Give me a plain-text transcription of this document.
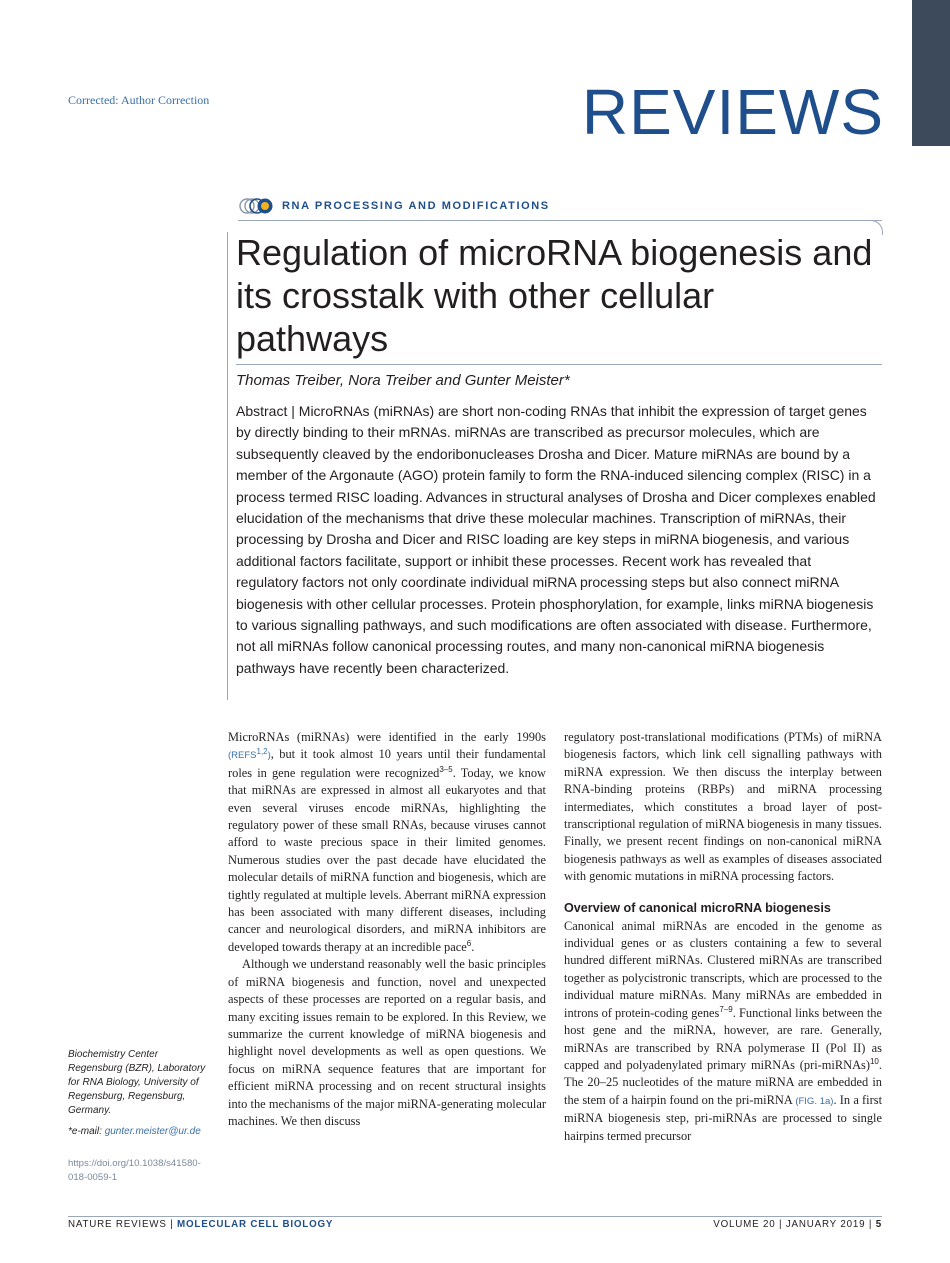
Corrected: Author Correction	REVIEWS
RNA PROCESSING AND MODIFICATIONS
Regulation of microRNA biogenesis and its crosstalk with other cellular pathways
Thomas Treiber, Nora Treiber and Gunter Meister*
Abstract | MicroRNAs (miRNAs) are short non-coding RNAs that inhibit the expression of target genes by directly binding to their mRNAs. miRNAs are transcribed as precursor molecules, which are subsequently cleaved by the endoribonucleases Drosha and Dicer. Mature miRNAs are bound by a member of the Argonaute (AGO) protein family to form the RNA-induced silencing complex (RISC) in a process termed RISC loading. Advances in structural analyses of Drosha and Dicer complexes enabled elucidation of the mechanisms that drive these molecular machines. Transcription of miRNAs, their processing by Drosha and Dicer and RISC loading are key steps in miRNA biogenesis, and various additional factors facilitate, support or inhibit these processes. Recent work has revealed that regulatory factors not only coordinate individual miRNA processing steps but also connect miRNA biogenesis with other cellular processes. Protein phosphorylation, for example, links miRNA biogenesis to various signalling pathways, and such modifications are often associated with disease. Furthermore, not all miRNAs follow canonical processing routes, and many non-canonical miRNA biogenesis pathways have recently been characterized.

MicroRNAs (miRNAs) were identified in the early 1990s (REFS$^{1,2}$), but it took almost 10 years until their fundamental roles in gene regulation were recognized$^{3-5}$. Today, we know that miRNAs are expressed in almost all eukaryotes and that even several viruses encode miRNAs, highlighting the regulatory power of these small RNAs, because viruses cannot afford to waste precious space in their limited genomes. Numerous studies over the past decade have elucidated the molecular details of miRNA function and biogenesis, which are tightly regulated at multiple levels. Aberrant miRNA expression has been associated with many different diseases, including cancer and neurological disorders, and miRNA inhibitors are developed towards therapy at an incredible pace$^6$.

Although we understand reasonably well the basic principles of miRNA biogenesis and function, novel and unexpected aspects of these processes are reported on a regular basis, and many exciting issues remain to be explored. In this Review, we summarize the current knowledge of miRNA biogenesis and highlight novel developments as well as open questions. We focus on miRNA sequence features that are important for efficient miRNA processing and on recent structural insights into the mechanisms of the major miRNA-generating molecular machines. We then discuss

regulatory post-translational modifications (PTMs) of miRNA biogenesis factors, which link cell signalling pathways with miRNA expression. We then discuss the interplay between RNA-binding proteins (RBPs) and miRNA processing intermediates, which constitutes a broad layer of post-transcriptional regulation of miRNA biogenesis in many tissues. Finally, we present recent findings on non-canonical miRNA biogenesis pathways as well as examples of diseases associated with genomic mutations in miRNA processing factors.

Overview of canonical microRNA biogenesis

Canonical animal miRNAs are encoded in the genome as individual genes or as clusters containing a few to several hundred different miRNAs. Clustered miRNAs are transcribed together as polycistronic transcripts, which are processed to the individual mature miRNAs. Many miRNAs are embedded in introns of protein-coding genes$^{7-9}$. Functional links between the host gene and the miRNA, however, are rare. Generally, miRNAs are transcribed by RNA polymerase II (Pol II) as capped and polyadenylated primary miRNAs (pri-miRNAs)$^{10}$. The 20–25 nucleotides of the mature miRNA are embedded in the stem of a hairpin found on the pri-miRNA (FIG. 1a). In a first miRNA biogenesis step, pri-miRNAs are processed to single hairpins termed precursor

Biochemistry Center Regensburg (BZR), Laboratory for RNA Biology, University of Regensburg, Regensburg, Germany.
*e-mail: gunter.meister@ur.de
https://doi.org/10.1038/s41580-018-0059-1
NATURE REVIEWS | MOLECULAR CELL BIOLOGY	VOLUME 20 | JANUARY 2019 | 5
